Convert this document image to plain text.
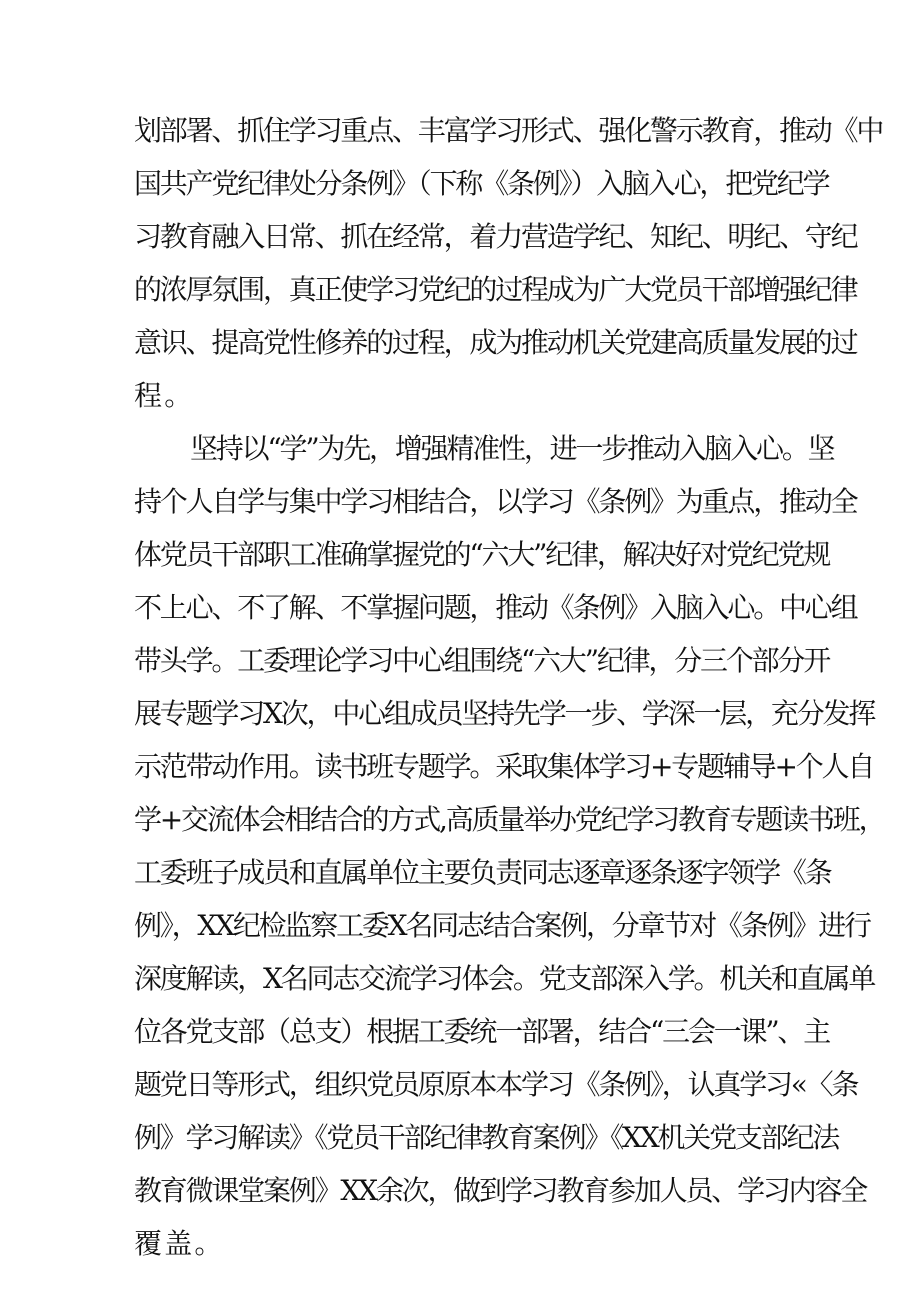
划部署、抓住学习重点、丰富学习形式、强化警示教育，推动《中
国共产党纪律处分条例》（下称《条例》）入脑入心，把党纪学
习教育融入日常、抓在经常，着力营造学纪、知纪、明纪、守纪
的浓厚氛围，真正使学习党纪的过程成为广大党员干部增强纪律
意识、提高党性修养的过程，成为推动机关党建高质量发展的过
程。
坚持以“学”为先，增强精准性，进一步推动入脑入心。坚
持个人自学与集中学习相结合，以学习《条例》为重点，推动全
体党员干部职工准确掌握党的“六大”纪律，解决好对党纪党规
不上心、不了解、不掌握问题，推动《条例》入脑入心。中心组
带头学。工委理论学习中心组围绕“六大”纪律，分三个部分开
展专题学习X次，中心组成员坚持先学一步、学深一层，充分发挥
示范带动作用。读书班专题学。采取集体学习+专题辅导+个人自
学+交流体会相结合的方式,高质量举办党纪学习教育专题读书班，
工委班子成员和直属单位主要负责同志逐章逐条逐字领学《条
例》，XX纪检监察工委X名同志结合案例，分章节对《条例》进行
深度解读，X名同志交流学习体会。党支部深入学。机关和直属单
位各党支部（总支）根据工委统一部署，结合“三会一课”、主
题党日等形式，组织党员原原本本学习《条例》，认真学习«〈条
例》学习解读》《党员干部纪律教育案例》《XX机关党支部纪法
教育微课堂案例》XX余次，做到学习教育参加人员、学习内容全
覆盖。
